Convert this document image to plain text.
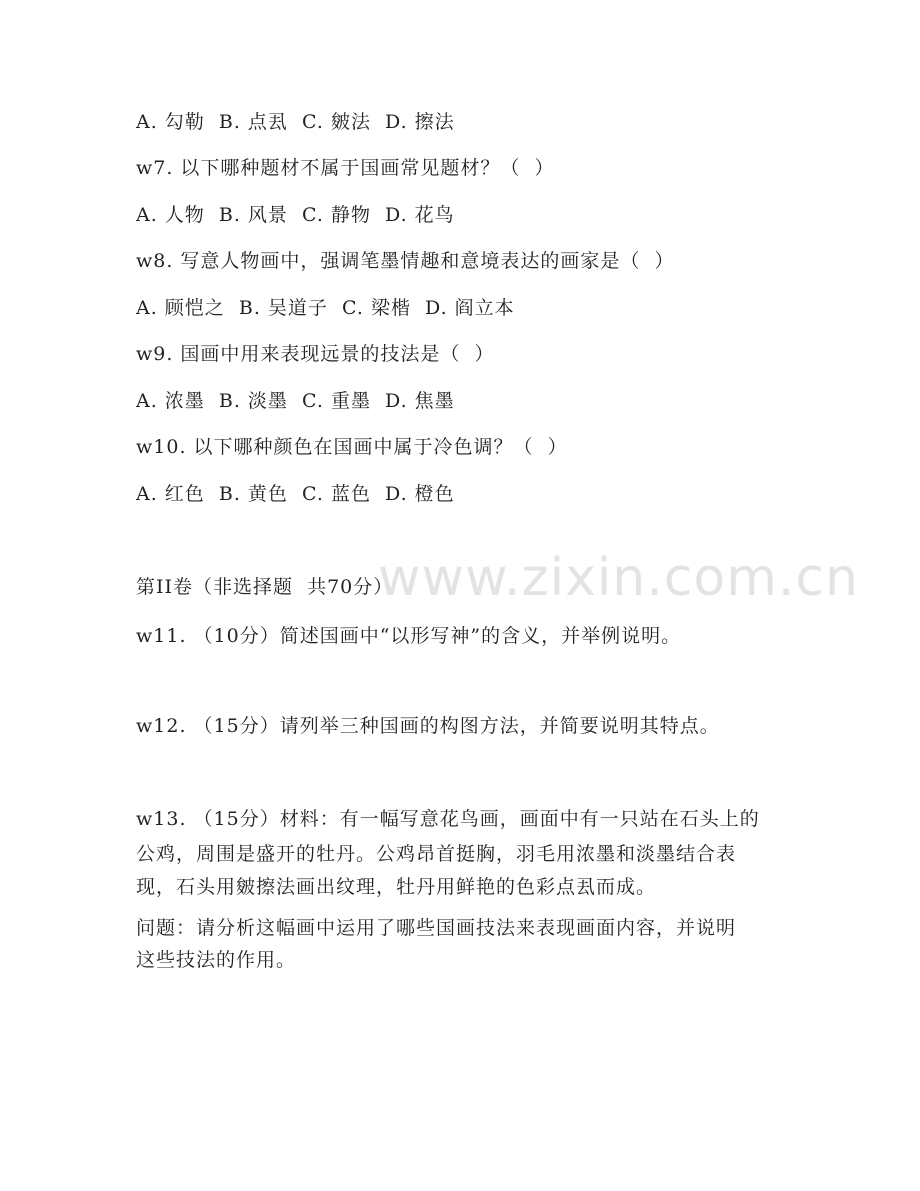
www.zixin.com.cn
A. 勾勒  B. 点厾  C. 皴法  D. 擦法
w7. 以下哪种题材不属于国画常见题材？（  ）
A. 人物  B. 风景  C. 静物  D. 花鸟
w8. 写意人物画中，强调笔墨情趣和意境表达的画家是（  ）
A. 顾恺之  B. 吴道子  C. 梁楷  D. 阎立本
w9. 国画中用来表现远景的技法是（  ）
A. 浓墨  B. 淡墨  C. 重墨  D. 焦墨
w10. 以下哪种颜色在国画中属于冷色调？（  ）
A. 红色  B. 黄色  C. 蓝色  D. 橙色
第II卷（非选择题  共70分）
w11. （10分）简述国画中“以形写神”的含义，并举例说明。
w12. （15分）请列举三种国画的构图方法，并简要说明其特点。
w13. （15分）材料：有一幅写意花鸟画，画面中有一只站在石头上的
公鸡，周围是盛开的牡丹。公鸡昂首挺胸，羽毛用浓墨和淡墨结合表
现，石头用皴擦法画出纹理，牡丹用鲜艳的色彩点厾而成。
问题：请分析这幅画中运用了哪些国画技法来表现画面内容，并说明
这些技法的作用。
